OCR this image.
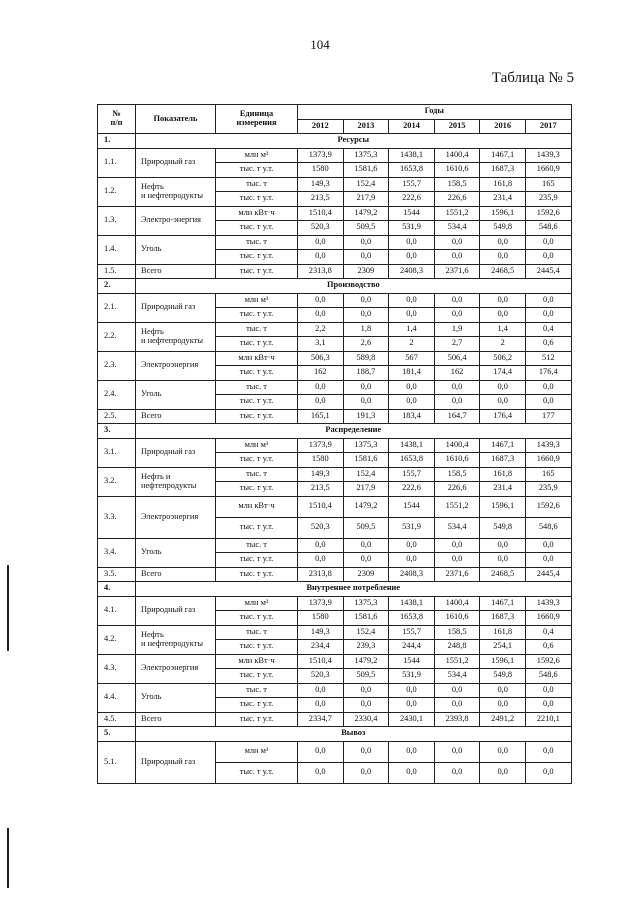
104
Таблица № 5
№
п/п	Показатель	Единица
измерения	Годы					
			2012	2013	2014	2015	2016	2017
1.	Ресурсы							
1.1.	Природный газ	млн м³	1373,9	1375,3	1438,1	1400,4	1467,1	1439,3
		тыс. т у.т.	1580	1581,6	1653,8	1610,6	1687,3	1660,9
1.2.	Нефть
и нефтепродукты	тыс. т	149,3	152,4	155,7	158,5	161,8	165
		тыс. т у.т.	213,5	217,9	222,6	226,6	231,4	235,9
1.3.	Электро-энергия	млн кВт·ч	1510,4	1479,2	1544	1551,2	1596,1	1592,6
		тыс. т у.т.	520,3	509,5	531,9	534,4	549,8	548,6
1.4.	Уголь	тыс. т	0,0	0,0	0,0	0,0	0,0	0,0
		тыс. т у.т.	0,0	0,0	0,0	0,0	0,0	0,0
1.5.	Всего	тыс. т у.т.	2313,8	2309	2408,3	2371,6	2468,5	2445,4
2.	Производство							
2.1.	Природный газ	млн м³	0,0	0,0	0,0	0,0	0,0	0,0
		тыс. т у.т.	0,0	0,0	0,0	0,0	0,0	0,0
2.2.	Нефть
и нефтепродукты	тыс. т	2,2	1,8	1,4	1,9	1,4	0,4
		тыс. т у.т.	3,1	2,6	2	2,7	2	0,6
2.3.	Электроэнергия	млн кВт·ч	506,3	589,8	567	506,4	506,2	512
		тыс. т у.т.	162	188,7	181,4	162	174,4	176,4
2.4.	Уголь	тыс. т	0,0	0,0	0,0	0,0	0,0	0,0
		тыс. т у.т.	0,0	0,0	0,0	0,0	0,0	0,0
2.5.	Всего	тыс. т у.т.	165,1	191,3	183,4	164,7	176,4	177
3.	Распределение							
3.1.	Природный газ	млн м³	1373,9	1375,3	1438,1	1400,4	1467,1	1439,3
		тыс. т у.т.	1580	1581,6	1653,8	1610,6	1687,3	1660,9
3.2.	Нефть и
нефтепродукты	тыс. т	149,3	152,4	155,7	158,5	161,8	165
		тыс. т у.т.	213,5	217,9	222,6	226,6	231,4	235,9
3.3.	Электроэнергия	млн кВт·ч	1510,4	1479,2	1544	1551,2	1596,1	1592,6
		тыс. т у.т.	520,3	509,5	531,9	534,4	549,8	548,6
3.4.	Уголь	тыс. т	0,0	0,0	0,0	0,0	0,0	0,0
		тыс. т у.т.	0,0	0,0	0,0	0,0	0,0	0,0
3.5.	Всего	тыс. т у.т.	2313,8	2309	2408,3	2371,6	2468,5	2445,4
4.	Внутреннее потребление							
4.1.	Природный газ	млн м³	1373,9	1375,3	1438,1	1400,4	1467,1	1439,3
		тыс. т у.т.	1580	1581,6	1653,8	1610,6	1687,3	1660,9
4.2.	Нефть
и нефтепродукты	тыс. т	149,3	152,4	155,7	158,5	161,8	0,4
		тыс. т у.т.	234,4	239,3	244,4	248,8	254,1	0,6
4.3.	Электроэнергия	млн кВт·ч	1510,4	1479,2	1544	1551,2	1596,1	1592,6
		тыс. т у.т.	520,3	509,5	531,9	534,4	549,8	548,6
4.4.	Уголь	тыс. т	0,0	0,0	0,0	0,0	0,0	0,0
		тыс. т у.т.	0,0	0,0	0,0	0,0	0,0	0,0
4.5.	Всего	тыс. т у.т.	2334,7	2330,4	2430,1	2393,8	2491,2	2210,1
5.	Вывоз							
5.1.	Природный газ	млн м³	0,0	0,0	0,0	0,0	0,0	0,0
		тыс. т у.т.	0,0	0,0	0,0	0,0	0,0	0,0
